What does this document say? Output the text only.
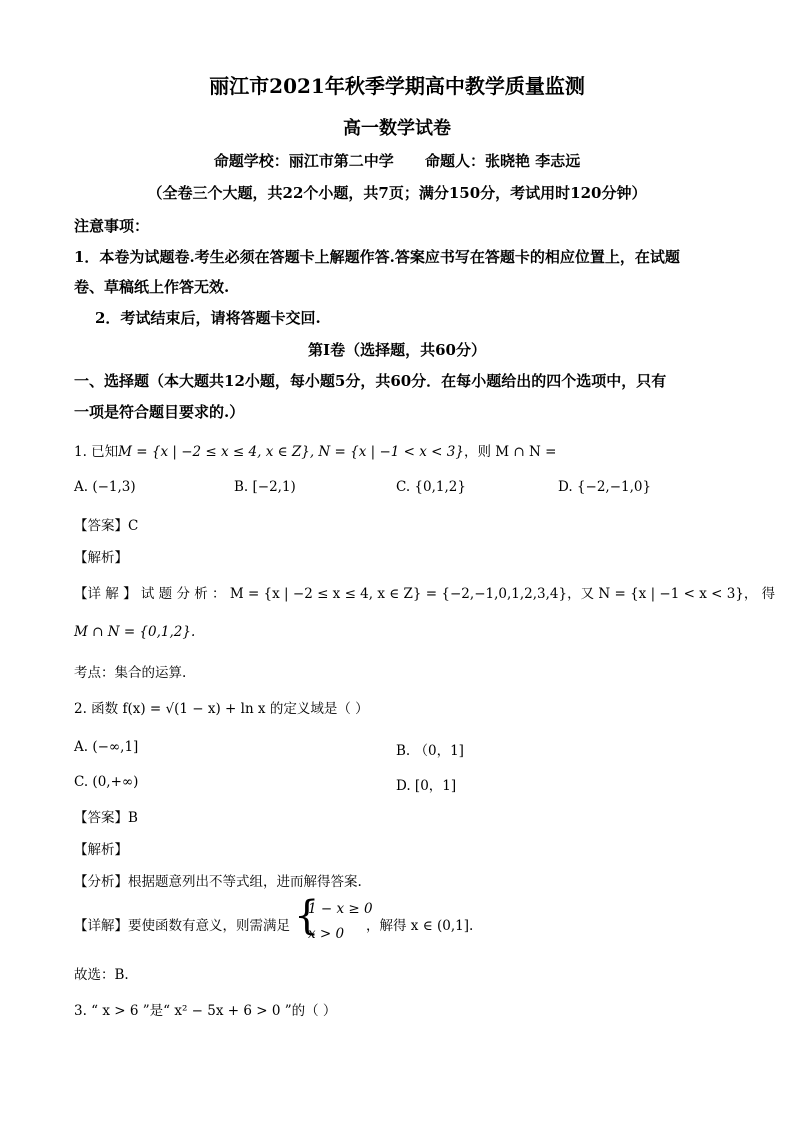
丽江市2021年秋季学期高中教学质量监测
高一数学试卷
命题学校：丽江市第二中学      命题人：张晓艳 李志远
（全卷三个大题，共22个小题，共7页；满分150分，考试用时120分钟）
注意事项：
1．本卷为试题卷.考生必须在答题卡上解题作答.答案应书写在答题卡的相应位置上，在试题
卷、草稿纸上作答无效.
2．考试结束后，请将答题卡交回.
第Ⅰ卷（选择题，共60分）
一、选择题（本大题共12小题，每小题5分，共60分．在每小题给出的四个选项中，只有
一项是符合题目要求的.）
1. 已知M = {x | −2 ≤ x ≤ 4, x ∈ Z}, N = {x | −1 < x < 3}，则 M ∩ N =
A. (−1,3)	B. [−2,1)	C. {0,1,2}	D. {−2,−1,0}
【答案】C
【解析】
【详 解 】 试 题 分 析 ： M = {x | −2 ≤ x ≤ 4, x ∈ Z} = {−2,−1,0,1,2,3,4}，又 N = {x | −1 < x < 3}， 得
M ∩ N = {0,1,2}.
考点：集合的运算.
2. 函数 f(x) = √(1 − x) + ln x 的定义域是（ ）
A. (−∞,1]	B. （0，1]
C. (0,+∞)	D. [0，1]
【答案】B
【解析】
【分析】根据题意列出不等式组，进而解得答案.
【详解】要使函数有意义，则需满足 {
1 − x ≥ 0
x > 0 ，解得 x ∈ (0,1].
故选：B.
3. “ x > 6 ”是“ x² − 5x + 6 > 0 ”的（ ）
